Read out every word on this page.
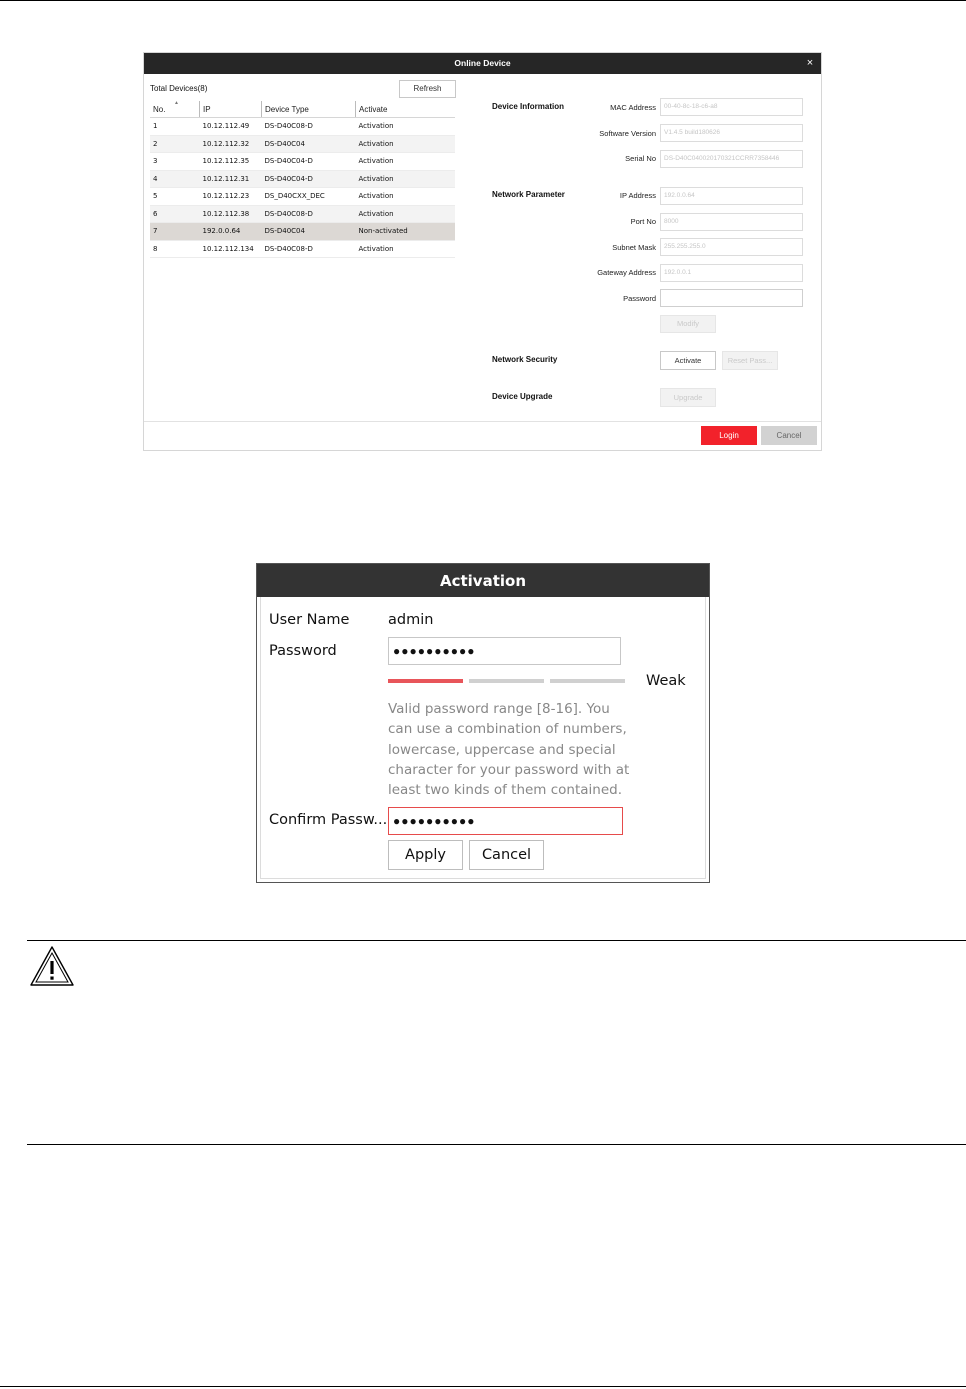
Online Device	×
Total Devices(8)	Refresh
▲
No.	IP	Device Type	Activate
1	10.12.112.49	DS-D40C08-D	Activation
2	10.12.112.32	DS-D40C04	Activation
3	10.12.112.35	DS-D40C04-D	Activation
4	10.12.112.31	DS-D40C04-D	Activation
5	10.12.112.23	DS_D40CXX_DEC	Activation
6	10.12.112.38	DS-D40C08-D	Activation
7	192.0.0.64	DS-D40C04	Non-activated
8	10.12.112.134	DS-D40C08-D	Activation
Device Information	MAC Address	00-40-8c-18-c6-a8
Software Version	V1.4.5 build180626
Serial No	DS-D40C040020170321CCRR7358446
Network Parameter	IP Address	192.0.0.64
Port No	8000
Subnet Mask	255.255.255.0
Gateway Address	192.0.0.1
Password
Modify
Network Security	Activate	Reset Pass...
Device Upgrade	Upgrade
Login	Cancel
Activation
User Name	admin
Password	●●●●●●●●●●
Weak
Valid password range [8-16]. You
can use a combination of numbers,
lowercase, uppercase and special
character for your password with at
least two kinds of them contained.
Confirm Passw... ●●●●●●●●●●
Apply	Cancel
